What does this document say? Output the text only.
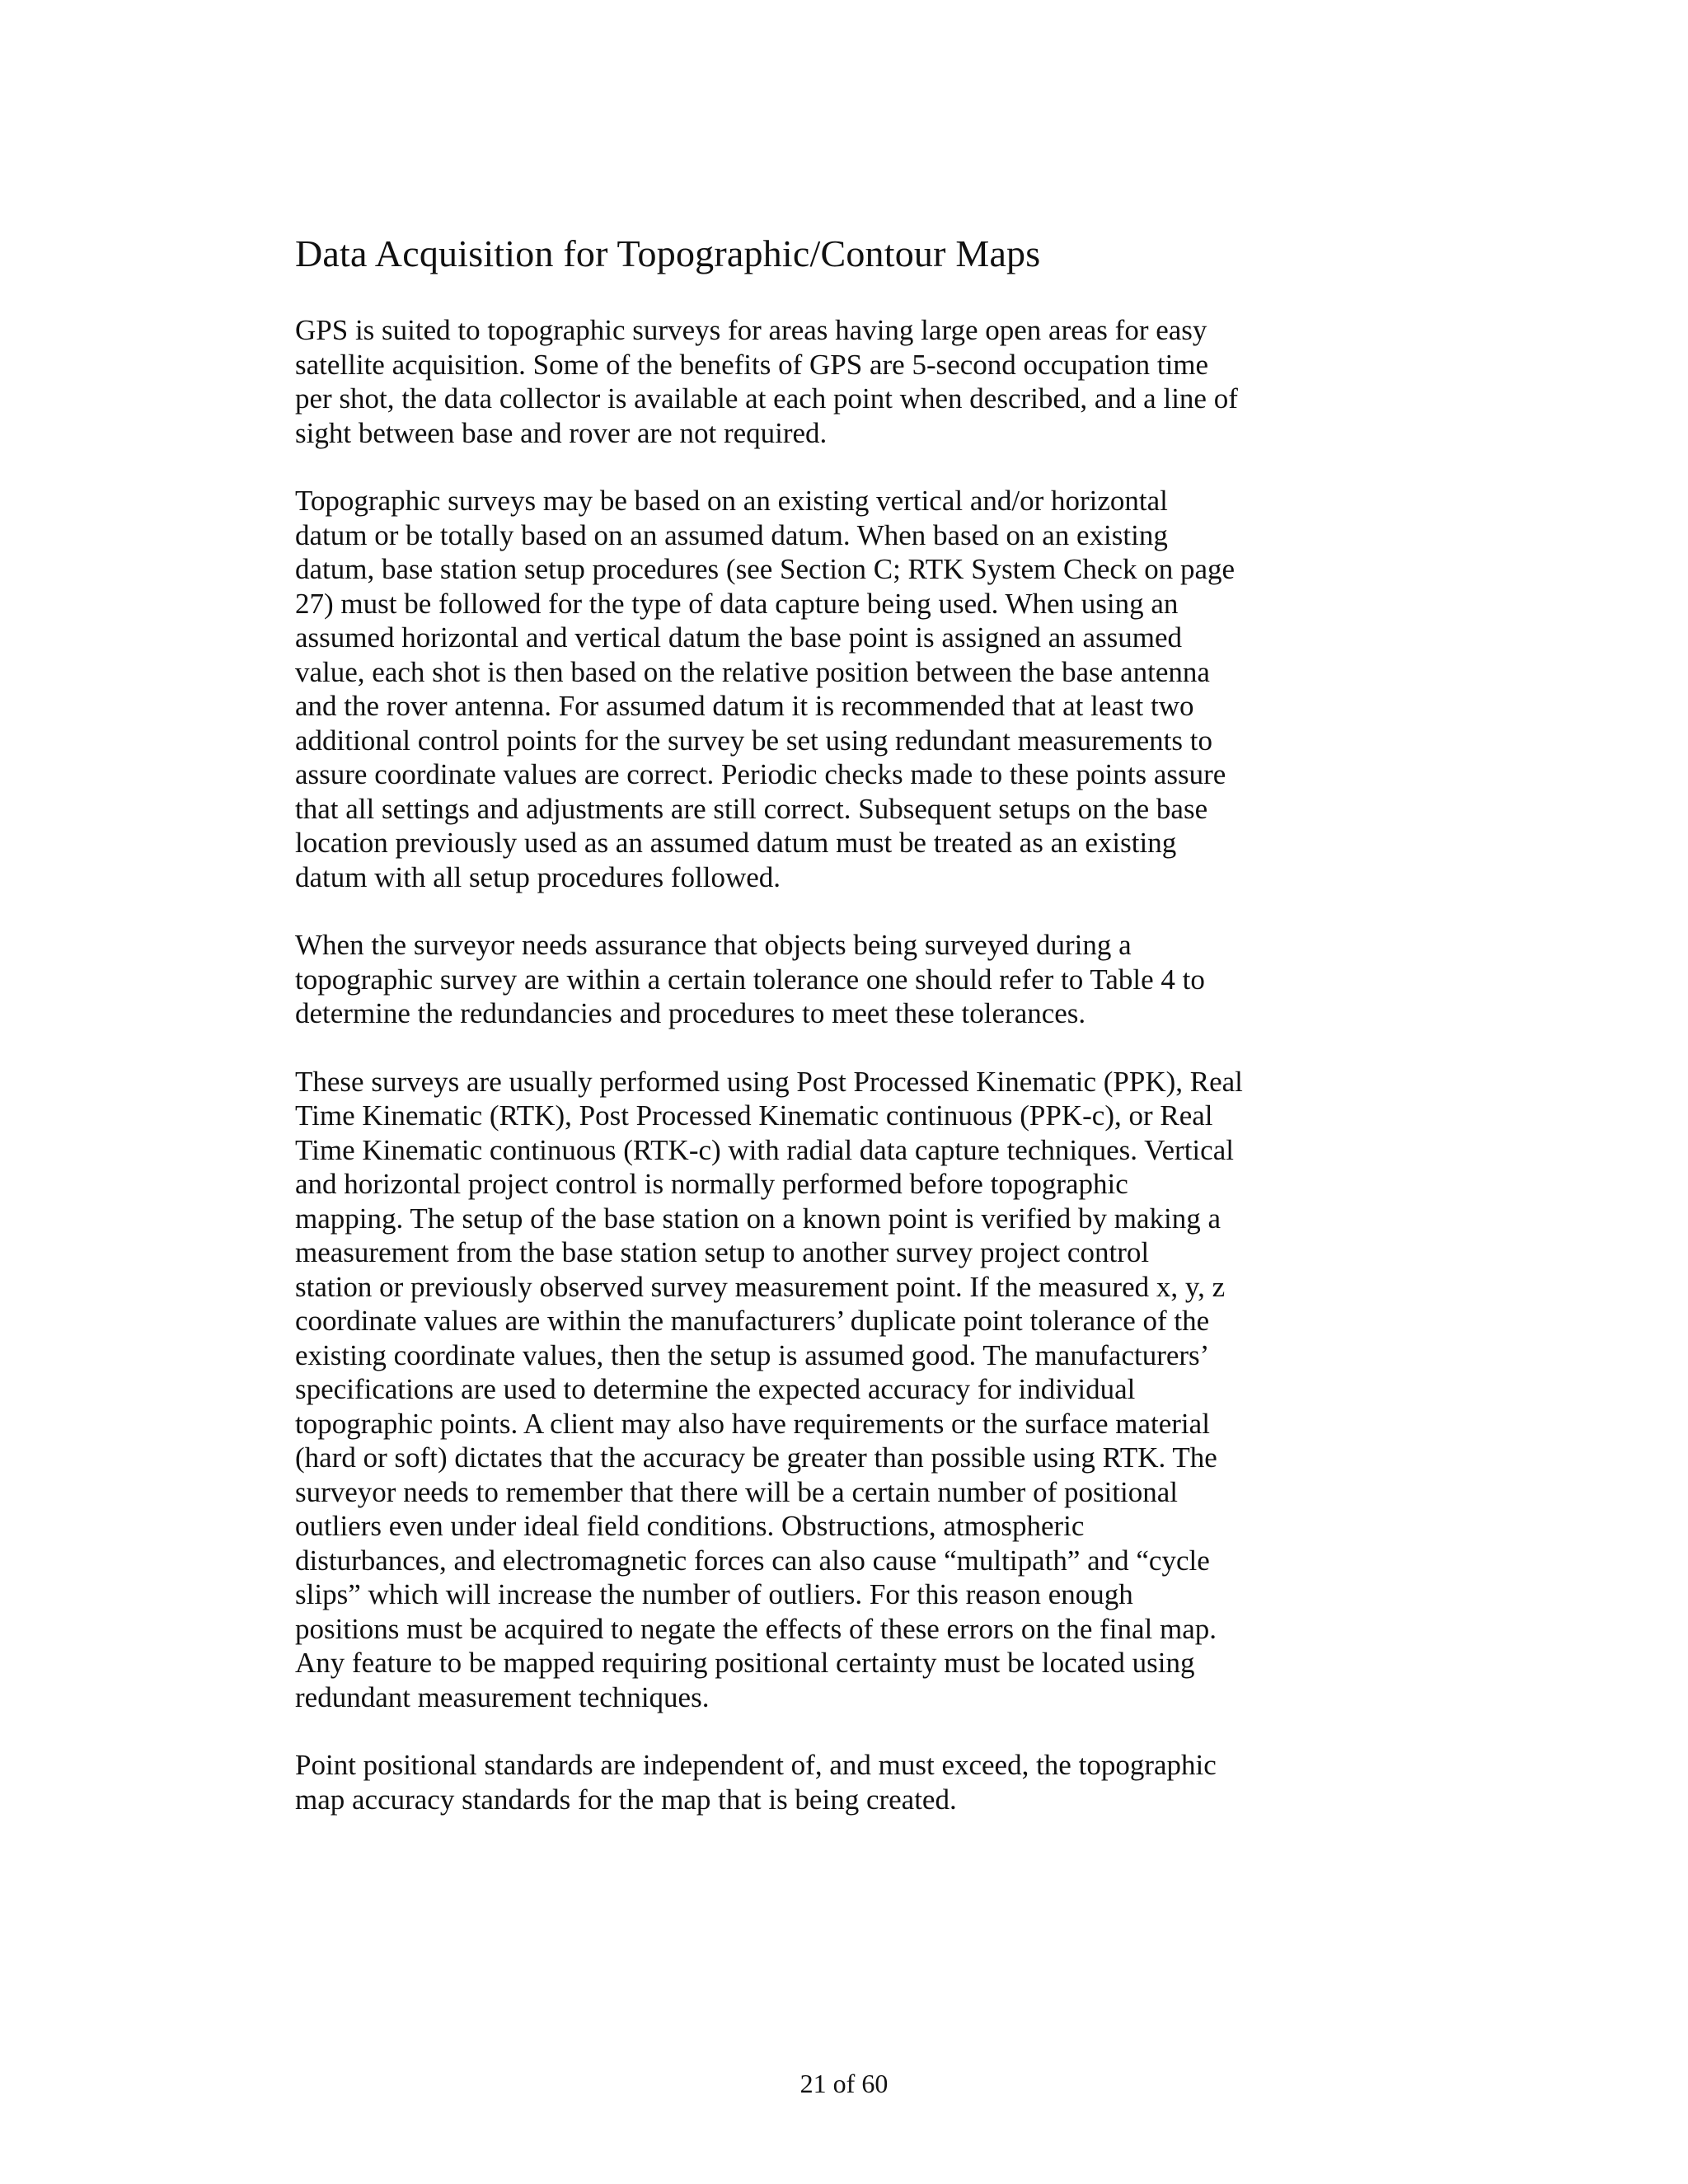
Data Acquisition for Topographic/Contour Maps
GPS is suited to topographic surveys for areas having large open areas for easy
satellite acquisition. Some of the benefits of GPS are 5-second occupation time
per shot, the data collector is available at each point when described, and a line of
sight between base and rover are not required.
Topographic surveys may be based on an existing vertical and/or horizontal
datum or be totally based on an assumed datum. When based on an existing
datum, base station setup procedures (see Section C; RTK System Check on page
27) must be followed for the type of data capture being used. When using an
assumed horizontal and vertical datum the base point is assigned an assumed
value, each shot is then based on the relative position between the base antenna
and the rover antenna. For assumed datum it is recommended that at least two
additional control points for the survey be set using redundant measurements to
assure coordinate values are correct. Periodic checks made to these points assure
that all settings and adjustments are still correct. Subsequent setups on the base
location previously used as an assumed datum must be treated as an existing
datum with all setup procedures followed.
When the surveyor needs assurance that objects being surveyed during a
topographic survey are within a certain tolerance one should refer to Table 4 to
determine the redundancies and procedures to meet these tolerances.
These surveys are usually performed using Post Processed Kinematic (PPK), Real
Time Kinematic (RTK), Post Processed Kinematic continuous (PPK-c), or Real
Time Kinematic continuous (RTK-c) with radial data capture techniques. Vertical
and horizontal project control is normally performed before topographic
mapping. The setup of the base station on a known point is verified by making a
measurement from the base station setup to another survey project control
station or previously observed survey measurement point. If the measured x, y, z
coordinate values are within the manufacturers’ duplicate point tolerance of the
existing coordinate values, then the setup is assumed good. The manufacturers’
specifications are used to determine the expected accuracy for individual
topographic points. A client may also have requirements or the surface material
(hard or soft) dictates that the accuracy be greater than possible using RTK. The
surveyor needs to remember that there will be a certain number of positional
outliers even under ideal field conditions. Obstructions, atmospheric
disturbances, and electromagnetic forces can also cause “multipath” and “cycle
slips” which will increase the number of outliers. For this reason enough
positions must be acquired to negate the effects of these errors on the final map.
Any feature to be mapped requiring positional certainty must be located using
redundant measurement techniques.
Point positional standards are independent of, and must exceed, the topographic
map accuracy standards for the map that is being created.
21 of 60
